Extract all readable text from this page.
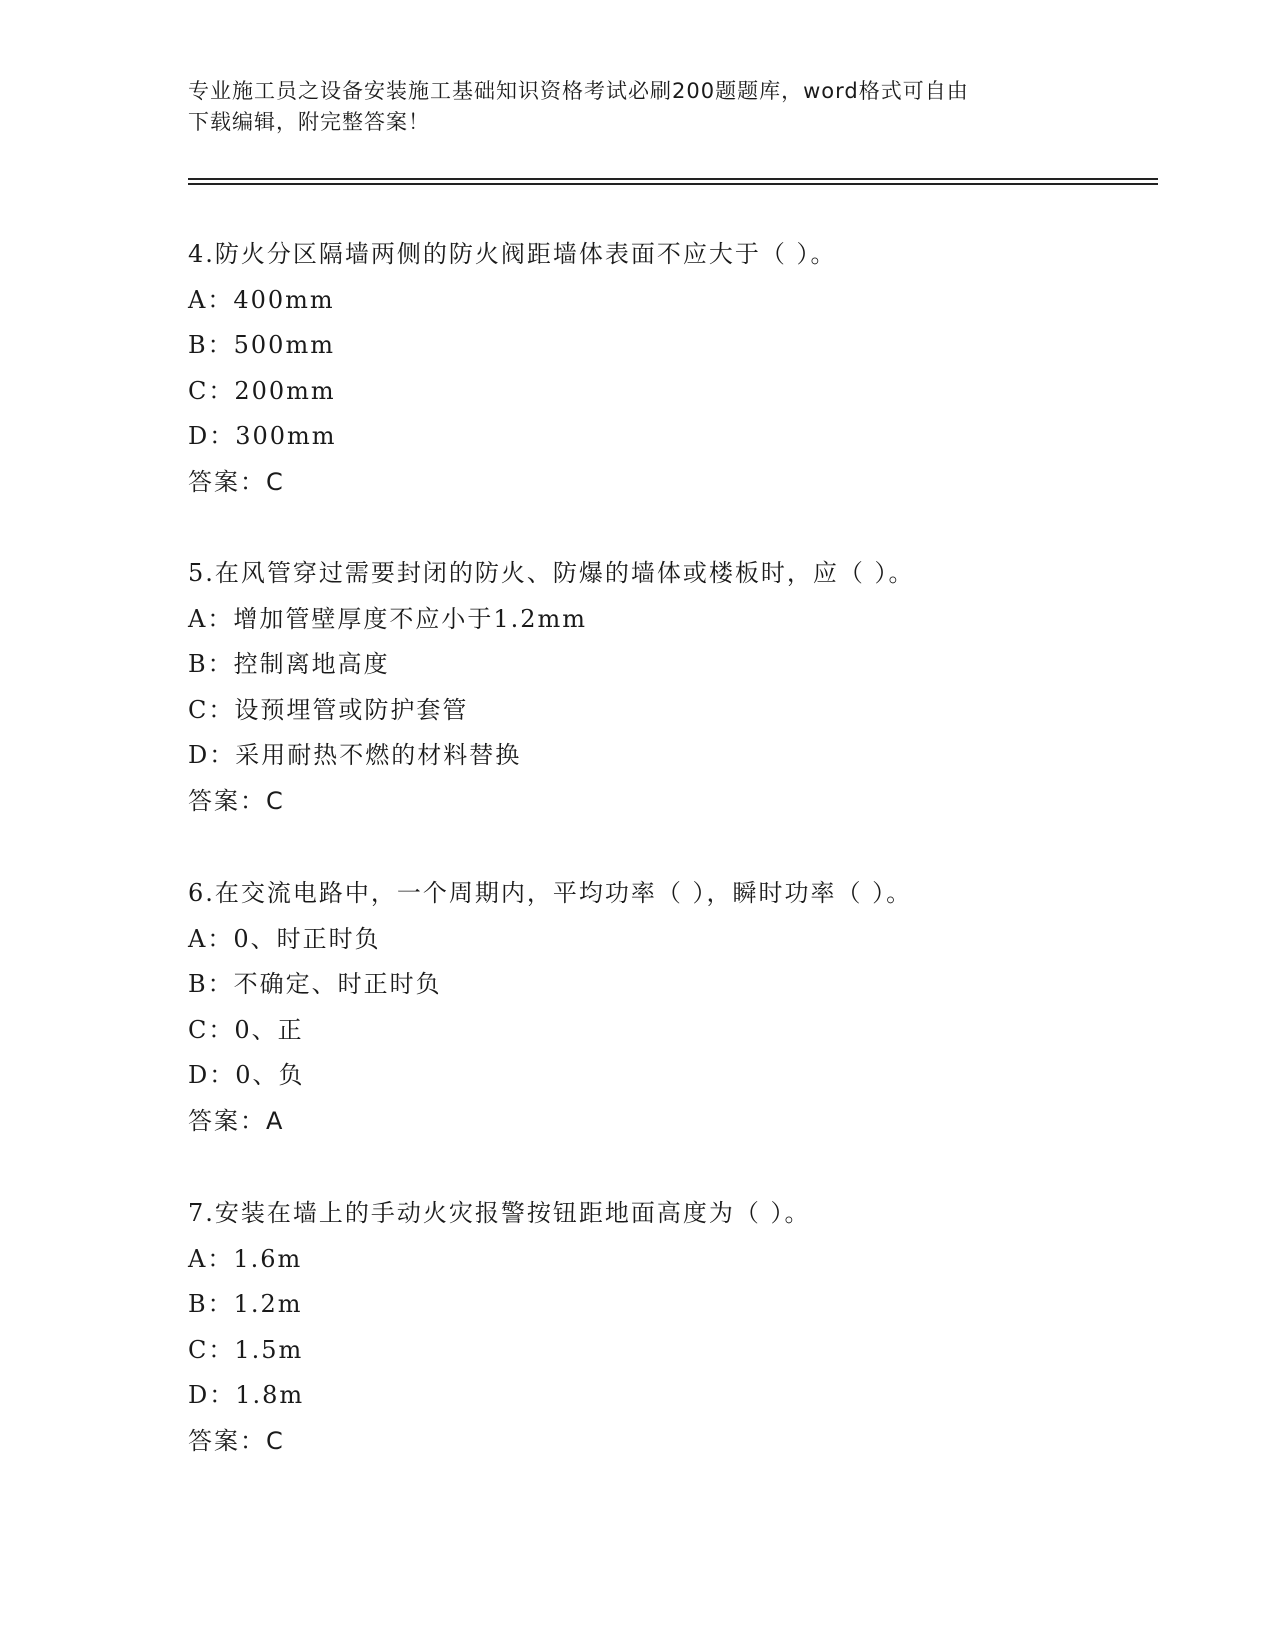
专业施工员之设备安装施工基础知识资格考试必刷200题题库，word格式可自由
下载编辑，附完整答案！
4.防火分区隔墙两侧的防火阀距墙体表面不应大于（ ）。
A：400mm
B：500mm
C：200mm
D：300mm
答案：C
5.在风管穿过需要封闭的防火、防爆的墙体或楼板时，应（ ）。
A：增加管壁厚度不应小于1.2mm
B：控制离地高度
C：设预埋管或防护套管
D：采用耐热不燃的材料替换
答案：C
6.在交流电路中，一个周期内，平均功率（ ），瞬时功率（ ）。
A：0、时正时负
B：不确定、时正时负
C：0、正
D：0、负
答案：A
7.安装在墙上的手动火灾报警按钮距地面高度为（ ）。
A：1.6m
B：1.2m
C：1.5m
D：1.8m
答案：C
